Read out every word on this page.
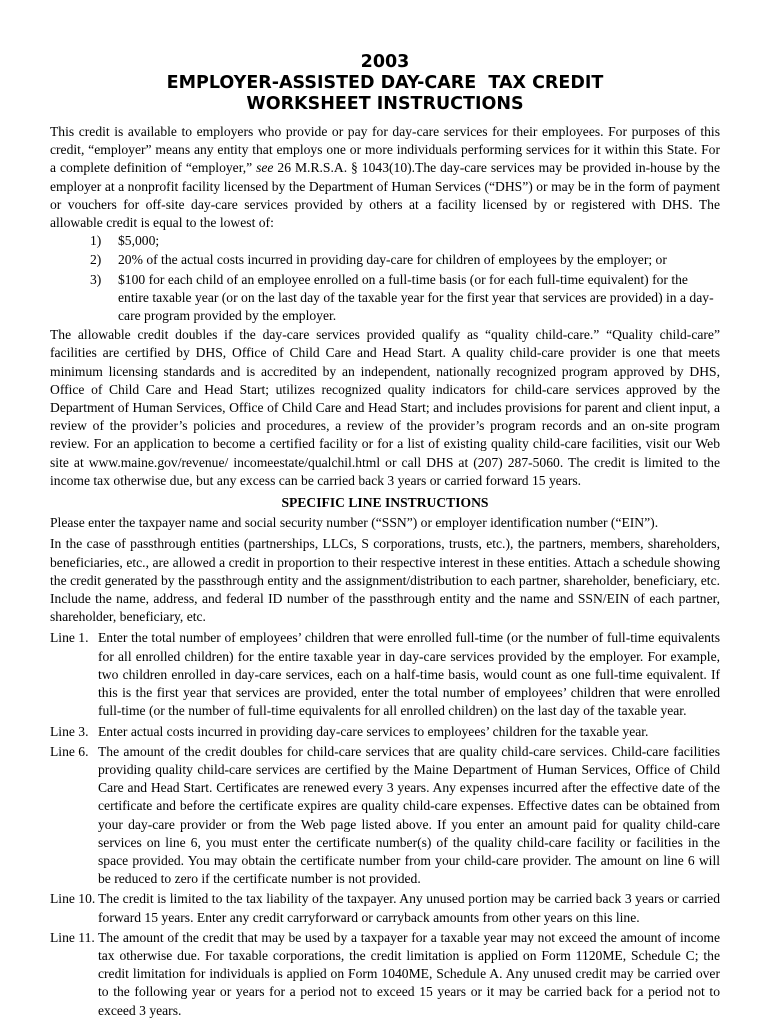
2003
EMPLOYER-ASSISTED DAY-CARE  TAX CREDIT
WORKSHEET INSTRUCTIONS

This credit is available to employers who provide or pay for day-care services for their employees. For purposes of this credit, “employer” means any entity that employs one or more individuals performing services for it within this State. For a complete definition of “employer,” see 26 M.R.S.A. § 1043(10).The day-care services may be provided in-house by the employer at a nonprofit facility licensed by the Department of Human Services (“DHS”) or may be in the form of payment or vouchers for off-site day-care services provided by others at a facility licensed by or registered with DHS. The allowable credit is equal to the lowest of:

1) $5,000;
2) 20% of the actual costs incurred in providing day-care for children of employees by the employer; or
3) $100 for each child of an employee enrolled on a full-time basis (or for each full-time equivalent) for the entire taxable year (or on the last day of the taxable year for the first year that services are provided) in a day-care program provided by the employer.

The allowable credit doubles if the day-care services provided qualify as “quality child-care.” “Quality child-care” facilities are certified by DHS, Office of Child Care and Head Start. A quality child-care provider is one that meets minimum licensing standards and is accredited by an independent, nationally recognized program approved by DHS, Office of Child Care and Head Start; utilizes recognized quality indicators for child-care services approved by the Department of Human Services, Office of Child Care and Head Start; and includes provisions for parent and client input, a review of the provider’s policies and procedures, a review of the provider’s program records and an on-site program review. For an application to become a certified facility or for a list of existing quality child-care facilities, visit our Web site at www.maine.gov/revenue/ incomeestate/qualchil.html or call DHS at (207) 287-5060. The credit is limited to the income tax otherwise due, but any excess can be carried back 3 years or carried forward 15 years.

SPECIFIC LINE INSTRUCTIONS

Please enter the taxpayer name and social security number (“SSN”) or employer identification number (“EIN”).

In the case of passthrough entities (partnerships, LLCs, S corporations, trusts, etc.), the partners, members, shareholders, beneficiaries, etc., are allowed a credit in proportion to their respective interest in these entities. Attach a schedule showing the credit generated by the passthrough entity and the assignment/distribution to each partner, shareholder, beneficiary, etc. Include the name, address, and federal ID number of the passthrough entity and the name and SSN/EIN of each partner, shareholder, beneficiary, etc.

Line 1. Enter the total number of employees’ children that were enrolled full-time (or the number of full-time equivalents for all enrolled children) for the entire taxable year in day-care services provided by the employer. For example, two children enrolled in day-care services, each on a half-time basis, would count as one full-time equivalent. If this is the first year that services are provided, enter the total number of employees’ children that were enrolled full-time (or the number of full-time equivalents for all enrolled children) on the last day of the taxable year.
Line 3. Enter actual costs incurred in providing day-care services to employees’ children for the taxable year.
Line 6. The amount of the credit doubles for child-care services that are quality child-care services. Child-care facilities providing quality child-care services are certified by the Maine Department of Human Services, Office of Child Care and Head Start. Certificates are renewed every 3 years. Any expenses incurred after the effective date of the certificate and before the certificate expires are quality child-care expenses. Effective dates can be obtained from your day-care provider or from the Web page listed above. If you enter an amount paid for quality child-care services on line 6, you must enter the certificate number(s) of the quality child-care facility or facilities in the space provided. You may obtain the certificate number from your child-care provider. The amount on line 6 will be reduced to zero if the certificate number is not provided.
Line 10. The credit is limited to the tax liability of the taxpayer. Any unused portion may be carried back 3 years or carried forward 15 years. Enter any credit carryforward or carryback amounts from other years on this line.
Line 11. The amount of the credit that may be used by a taxpayer for a taxable year may not exceed the amount of income tax otherwise due. For taxable corporations, the credit limitation is applied on Form 1120ME, Schedule C; the credit limitation for individuals is applied on Form 1040ME, Schedule A. Any unused credit may be carried over to the following year or years for a period not to exceed 15 years or it may be carried back for a period not to exceed 3 years.
